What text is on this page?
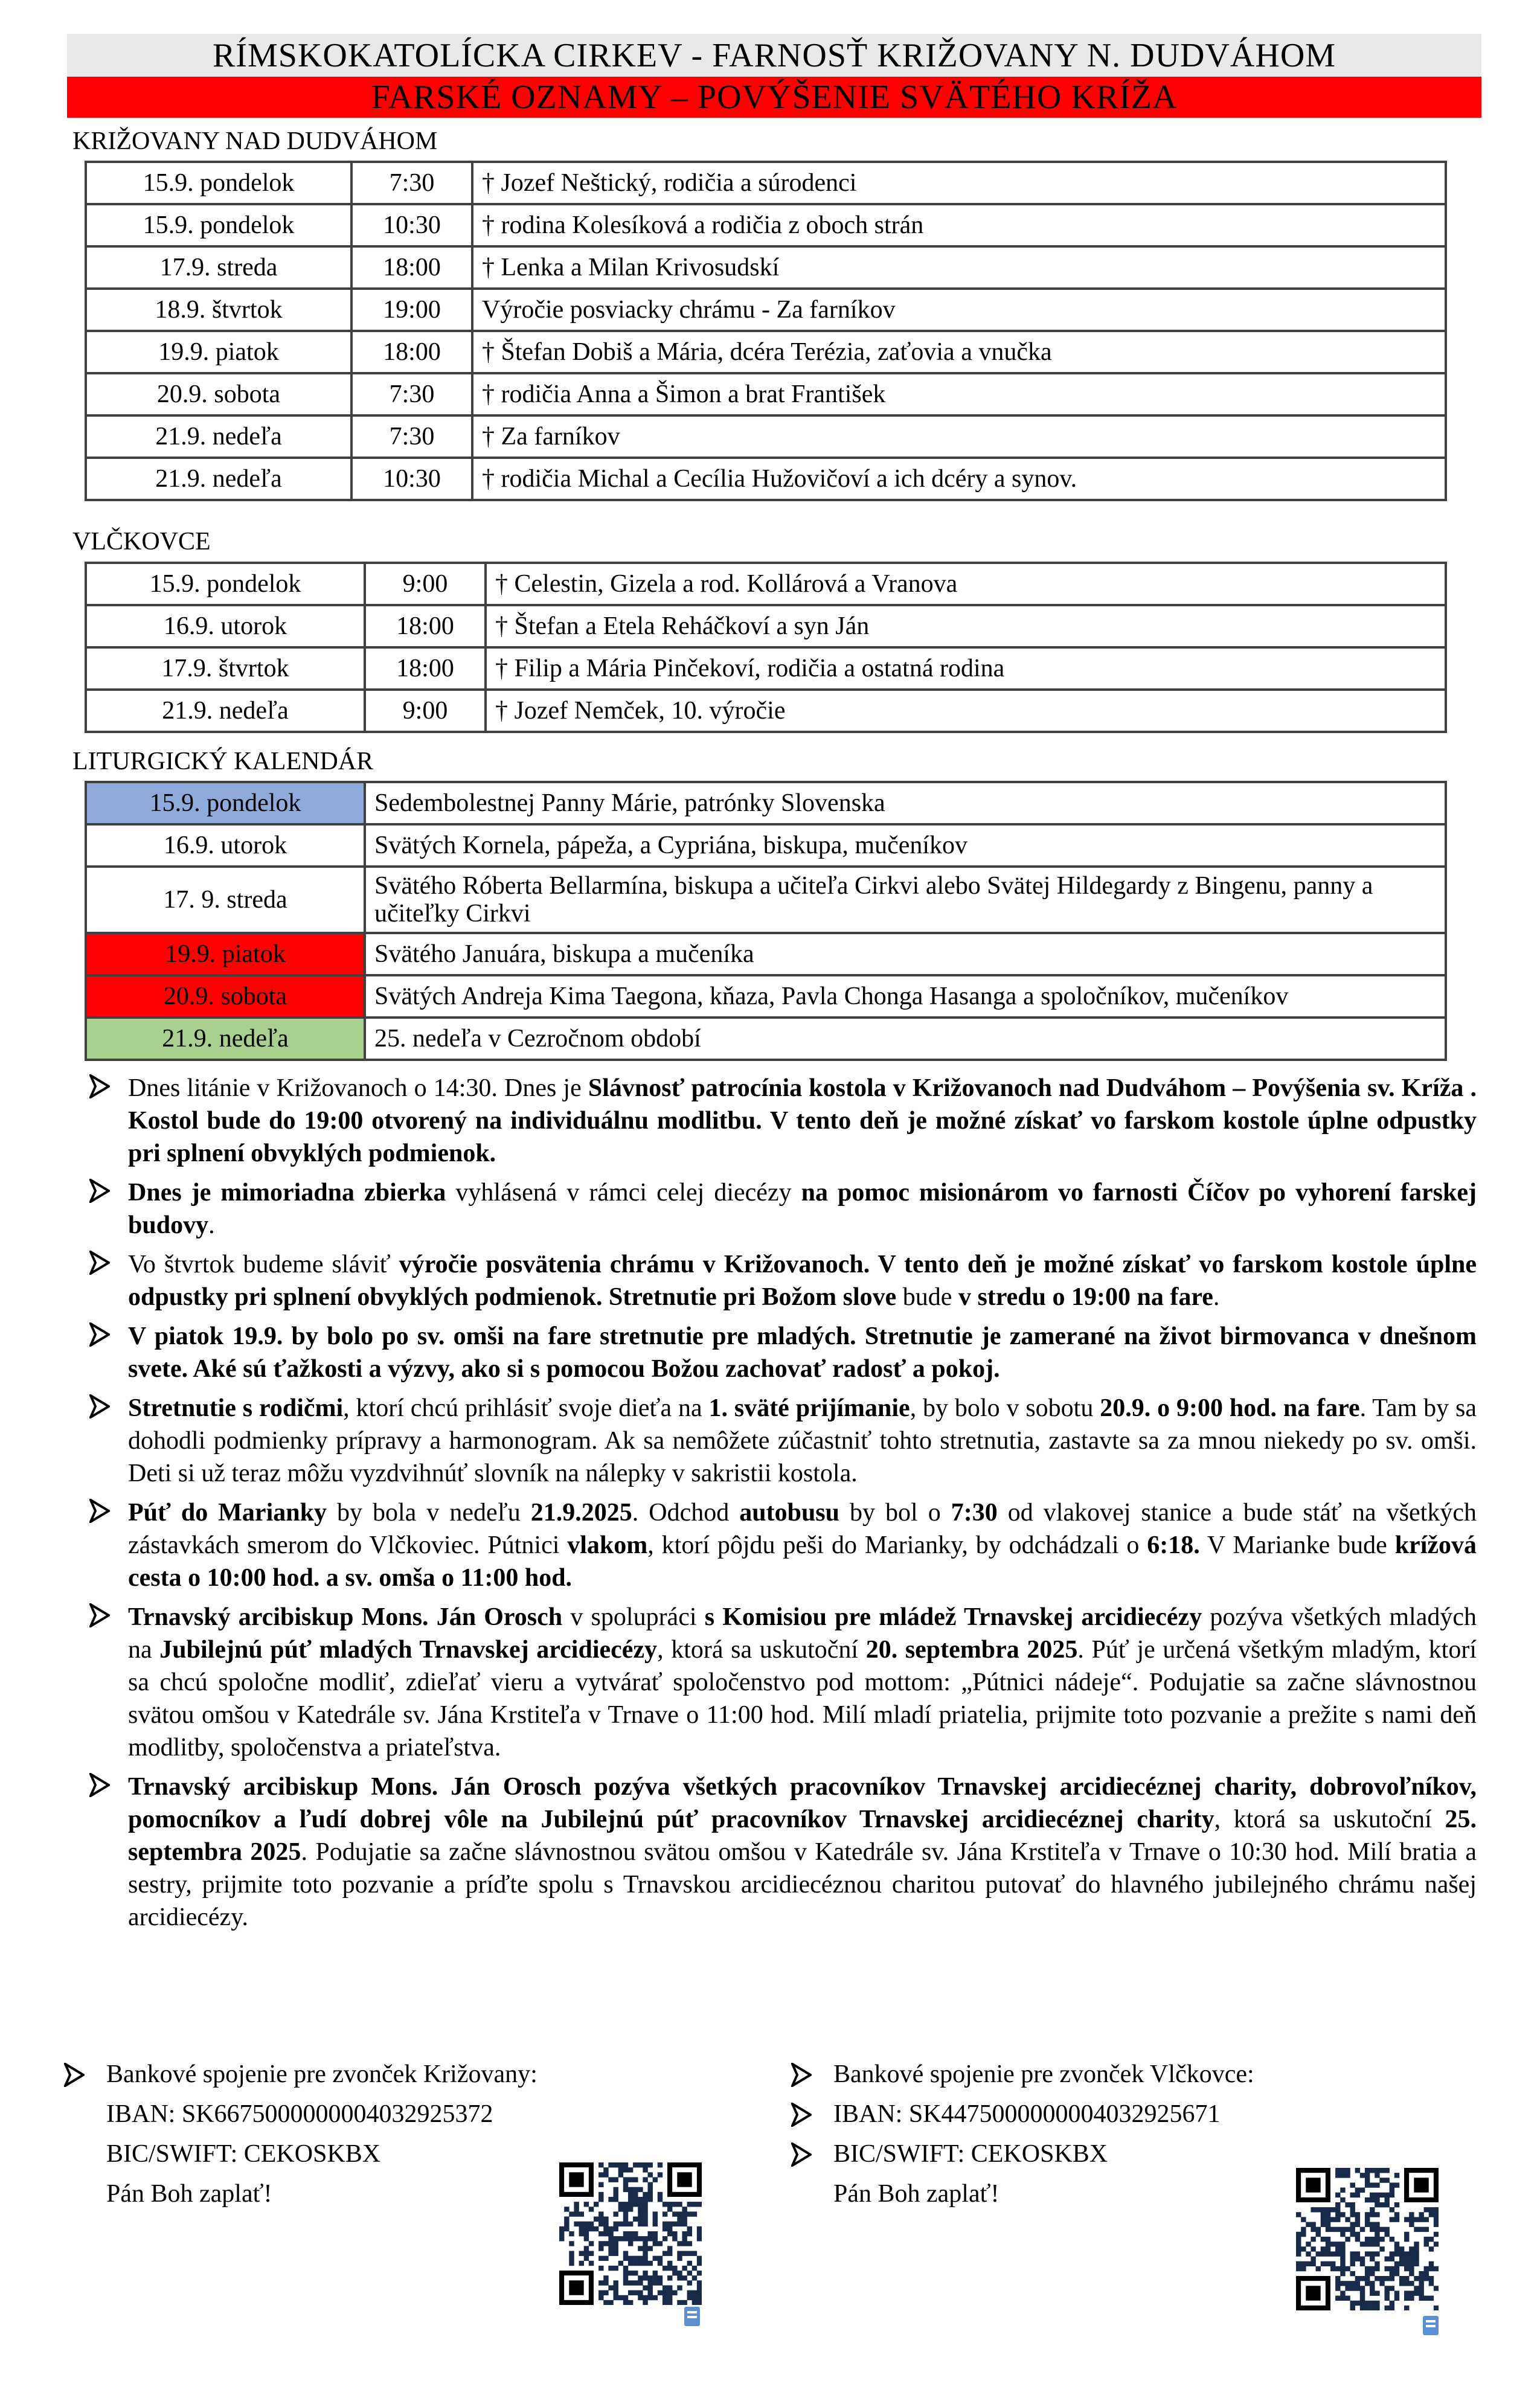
RÍMSKOKATOLÍCKA CIRKEV - FARNOSŤ KRIŽOVANY N. DUDVÁHOM
FARSKÉ OZNAMY – POVÝŠENIE SVÄTÉHO KRÍŽA
KRIŽOVANY NAD DUDVÁHOM
15.9. pondelok	7:30	† Jozef Neštický, rodičia a súrodenci
15.9. pondelok	10:30	† rodina Kolesíková a rodičia z oboch strán
17.9. streda	18:00	† Lenka a Milan Krivosudskí
18.9. štvrtok	19:00	Výročie posviacky chrámu - Za farníkov
19.9. piatok	18:00	† Štefan Dobiš a Mária, dcéra Terézia, zaťovia a vnučka
20.9. sobota	7:30	† rodičia Anna a Šimon a brat František
21.9. nedeľa	7:30	† Za farníkov
21.9. nedeľa	10:30	† rodičia Michal a Cecília Hužovičoví a ich dcéry a synov.
VLČKOVCE
15.9. pondelok	9:00	† Celestin, Gizela a rod. Kollárová a Vranova
16.9. utorok	18:00	† Štefan a Etela Reháčkoví a syn Ján
17.9. štvrtok	18:00	† Filip a Mária Pinčekoví, rodičia a ostatná rodina
21.9. nedeľa	9:00	† Jozef Nemček, 10. výročie
LITURGICKÝ KALENDÁR
15.9. pondelok	Sedembolestnej Panny Márie, patrónky Slovenska
16.9. utorok	Svätých Kornela, pápeža, a Cypriána, biskupa, mučeníkov
17. 9. streda	Svätého Róberta Bellarmína, biskupa a učiteľa Cirkvi alebo Svätej Hildegardy z Bingenu, panny a učiteľky Cirkvi
19.9. piatok	Svätého Januára, biskupa a mučeníka
20.9. sobota	Svätých Andreja Kima Taegona, kňaza, Pavla Chonga Hasanga a spoločníkov, mučeníkov
21.9. nedeľa	25. nedeľa v Cezročnom období
Dnes litánie v Križovanoch o 14:30. Dnes je Slávnosť patrocínia kostola v Križovanoch nad Dudváhom – Povýšenia sv. Kríža . Kostol bude do 19:00 otvorený na individuálnu modlitbu. V tento deň je možné získať vo farskom kostole úplne odpustky pri splnení obvyklých podmienok.
Dnes je mimoriadna zbierka vyhlásená v rámci celej diecézy na pomoc misionárom vo farnosti Číčov po vyhorení farskej budovy.
Vo štvrtok budeme sláviť výročie posvätenia chrámu v Križovanoch. V tento deň je možné získať vo farskom kostole úplne odpustky pri splnení obvyklých podmienok. Stretnutie pri Božom slove bude v stredu o 19:00 na fare.
V piatok 19.9. by bolo po sv. omši na fare stretnutie pre mladých. Stretnutie je zamerané na život birmovanca v dnešnom svete. Aké sú ťažkosti a výzvy, ako si s pomocou Božou zachovať radosť a pokoj.
Stretnutie s rodičmi, ktorí chcú prihlásiť svoje dieťa na 1. sväté prijímanie, by bolo v sobotu 20.9. o 9:00 hod. na fare. Tam by sa dohodli podmienky prípravy a harmonogram. Ak sa nemôžete zúčastniť tohto stretnutia, zastavte sa za mnou niekedy po sv. omši. Deti si už teraz môžu vyzdvihnúť slovník na nálepky v sakristii kostola.
Púť do Marianky by bola v nedeľu 21.9.2025. Odchod autobusu by bol o 7:30 od vlakovej stanice a bude stáť na všetkých zástavkách smerom do Vlčkoviec. Pútnici vlakom, ktorí pôjdu peši do Marianky, by odchádzali o 6:18. V Marianke bude krížová cesta o 10:00 hod. a sv. omša o 11:00 hod.
Trnavský arcibiskup Mons. Ján Orosch v spolupráci s Komisiou pre mládež Trnavskej arcidiecézy pozýva všetkých mladých na Jubilejnú púť mladých Trnavskej arcidiecézy, ktorá sa uskutoční 20. septembra 2025. Púť je určená všetkým mladým, ktorí sa chcú spoločne modliť, zdieľať vieru a vytvárať spoločenstvo pod mottom: „Pútnici nádeje“. Podujatie sa začne slávnostnou svätou omšou v Katedrále sv. Jána Krstiteľa v Trnave o 11:00 hod. Milí mladí priatelia, prijmite toto pozvanie a prežite s nami deň modlitby, spoločenstva a priateľstva.
Trnavský arcibiskup Mons. Ján Orosch pozýva všetkých pracovníkov Trnavskej arcidiecéznej charity, dobrovoľníkov, pomocníkov a ľudí dobrej vôle na Jubilejnú púť pracovníkov Trnavskej arcidiecéznej charity, ktorá sa uskutoční 25. septembra 2025. Podujatie sa začne slávnostnou svätou omšou v Katedrále sv. Jána Krstiteľa v Trnave o 10:30 hod. Milí bratia a sestry, prijmite toto pozvanie a príďte spolu s Trnavskou arcidiecéznou charitou putovať do hlavného jubilejného chrámu našej arcidiecézy.
Bankové spojenie pre zvonček Križovany:
IBAN: SK6675000000004032925372
BIC/SWIFT: CEKOSKBX
Pán Boh zaplať!
Bankové spojenie pre zvonček Vlčkovce:
IBAN: SK4475000000004032925671
BIC/SWIFT: CEKOSKBX
Pán Boh zaplať!
